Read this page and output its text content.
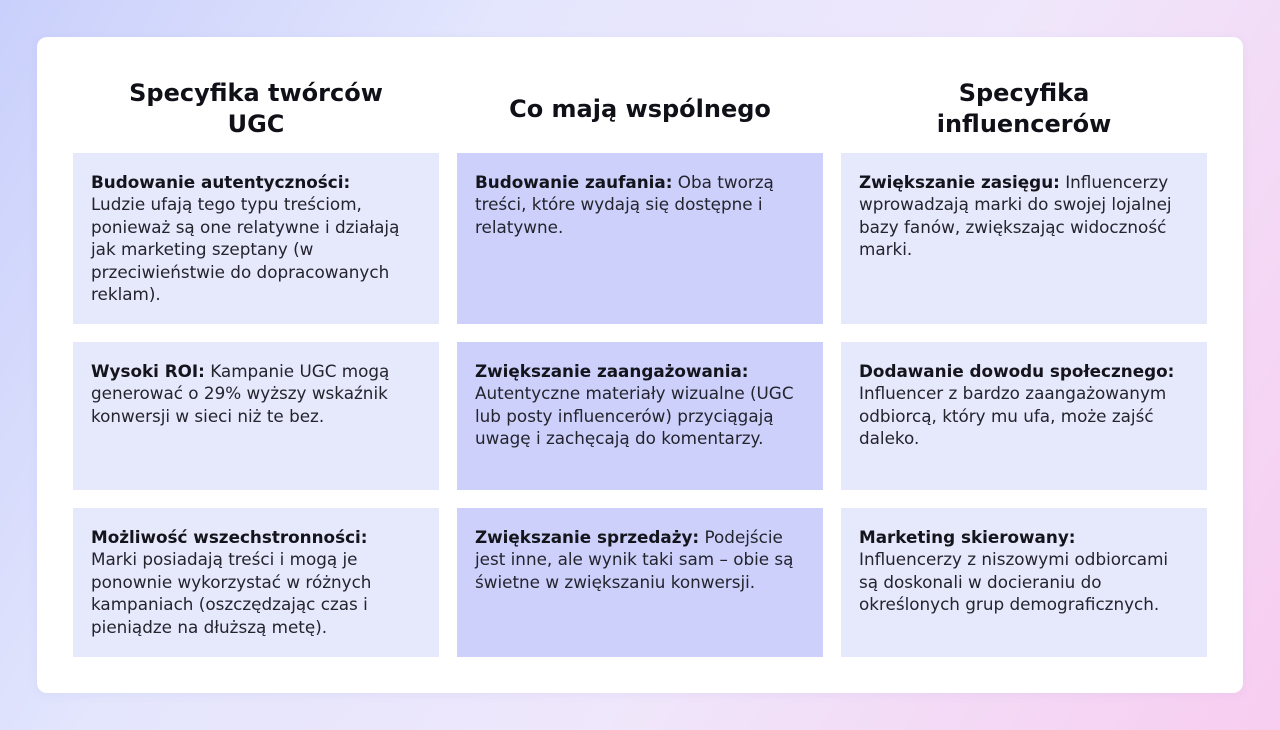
Specyfika twórców UGC
Co mają wspólnego
Specyfika influencerów
Budowanie autentyczności:
Ludzie ufają tego typu treściom, ponieważ są one relatywne i działają jak marketing szeptany (w przeciwieństwie do dopracowanych reklam).
Wysoki ROI: Kampanie UGC mogą generować o 29% wyższy wskaźnik konwersji w sieci niż te bez.
Możliwość wszechstronności:
Marki posiadają treści i mogą je ponownie wykorzystać w różnych kampaniach (oszczędzając czas i pieniądze na dłuższą metę).
Budowanie zaufania: Oba tworzą treści, które wydają się dostępne i relatywne.
Zwiększanie zaangażowania:
Autentyczne materiały wizualne (UGC lub posty influencerów) przyciągają uwagę i zachęcają do komentarzy.
Zwiększanie sprzedaży: Podejście jest inne, ale wynik taki sam – obie są świetne w zwiększaniu konwersji.
Zwiększanie zasięgu: Influencerzy wprowadzają marki do swojej lojalnej bazy fanów, zwiększając widoczność marki.
Dodawanie dowodu społecznego:
Influencer z bardzo zaangażowanym odbiorcą, który mu ufa, może zajść daleko.
Marketing skierowany:
Influencerzy z niszowymi odbiorcami są doskonali w docieraniu do określonych grup demograficznych.
